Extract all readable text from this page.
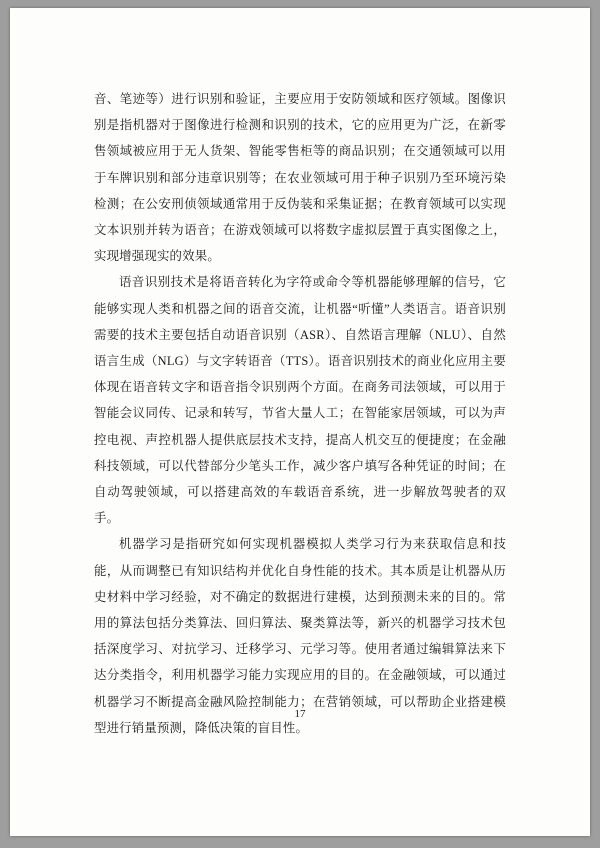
音、笔迹等）进行识别和验证，主要应用于安防领域和医疗领域。图像识别是指机器对于图像进行检测和识别的技术，它的应用更为广泛，在新零售领域被应用于无人货架、智能零售柜等的商品识别；在交通领域可以用于车牌识别和部分违章识别等；在农业领域可用于种子识别乃至环境污染检测；在公安刑侦领域通常用于反伪装和采集证据；在教育领域可以实现文本识别并转为语音；在游戏领域可以将数字虚拟层置于真实图像之上，实现增强现实的效果。

语音识别技术是将语音转化为字符或命令等机器能够理解的信号，它能够实现人类和机器之间的语音交流，让机器“听懂”人类语言。语音识别需要的技术主要包括自动语音识别（ASR）、自然语言理解（NLU）、自然语言生成（NLG）与文字转语音（TTS）。语音识别技术的商业化应用主要体现在语音转文字和语音指令识别两个方面。在商务司法领域，可以用于智能会议同传、记录和转写，节省大量人工；在智能家居领域，可以为声控电视、声控机器人提供底层技术支持，提高人机交互的便捷度；在金融科技领域，可以代替部分少笔头工作，减少客户填写各种凭证的时间；在自动驾驶领域，可以搭建高效的车载语音系统，进一步解放驾驶者的双手。

机器学习是指研究如何实现机器模拟人类学习行为来获取信息和技能，从而调整已有知识结构并优化自身性能的技术。其本质是让机器从历史材料中学习经验，对不确定的数据进行建模，达到预测未来的目的。常用的算法包括分类算法、回归算法、聚类算法等，新兴的机器学习技术包括深度学习、对抗学习、迁移学习、元学习等。使用者通过编辑算法来下达分类指令，利用机器学习能力实现应用的目的。在金融领域，可以通过机器学习不断提高金融风险控制能力；在营销领域，可以帮助企业搭建模型进行销量预测，降低决策的盲目性。

17
